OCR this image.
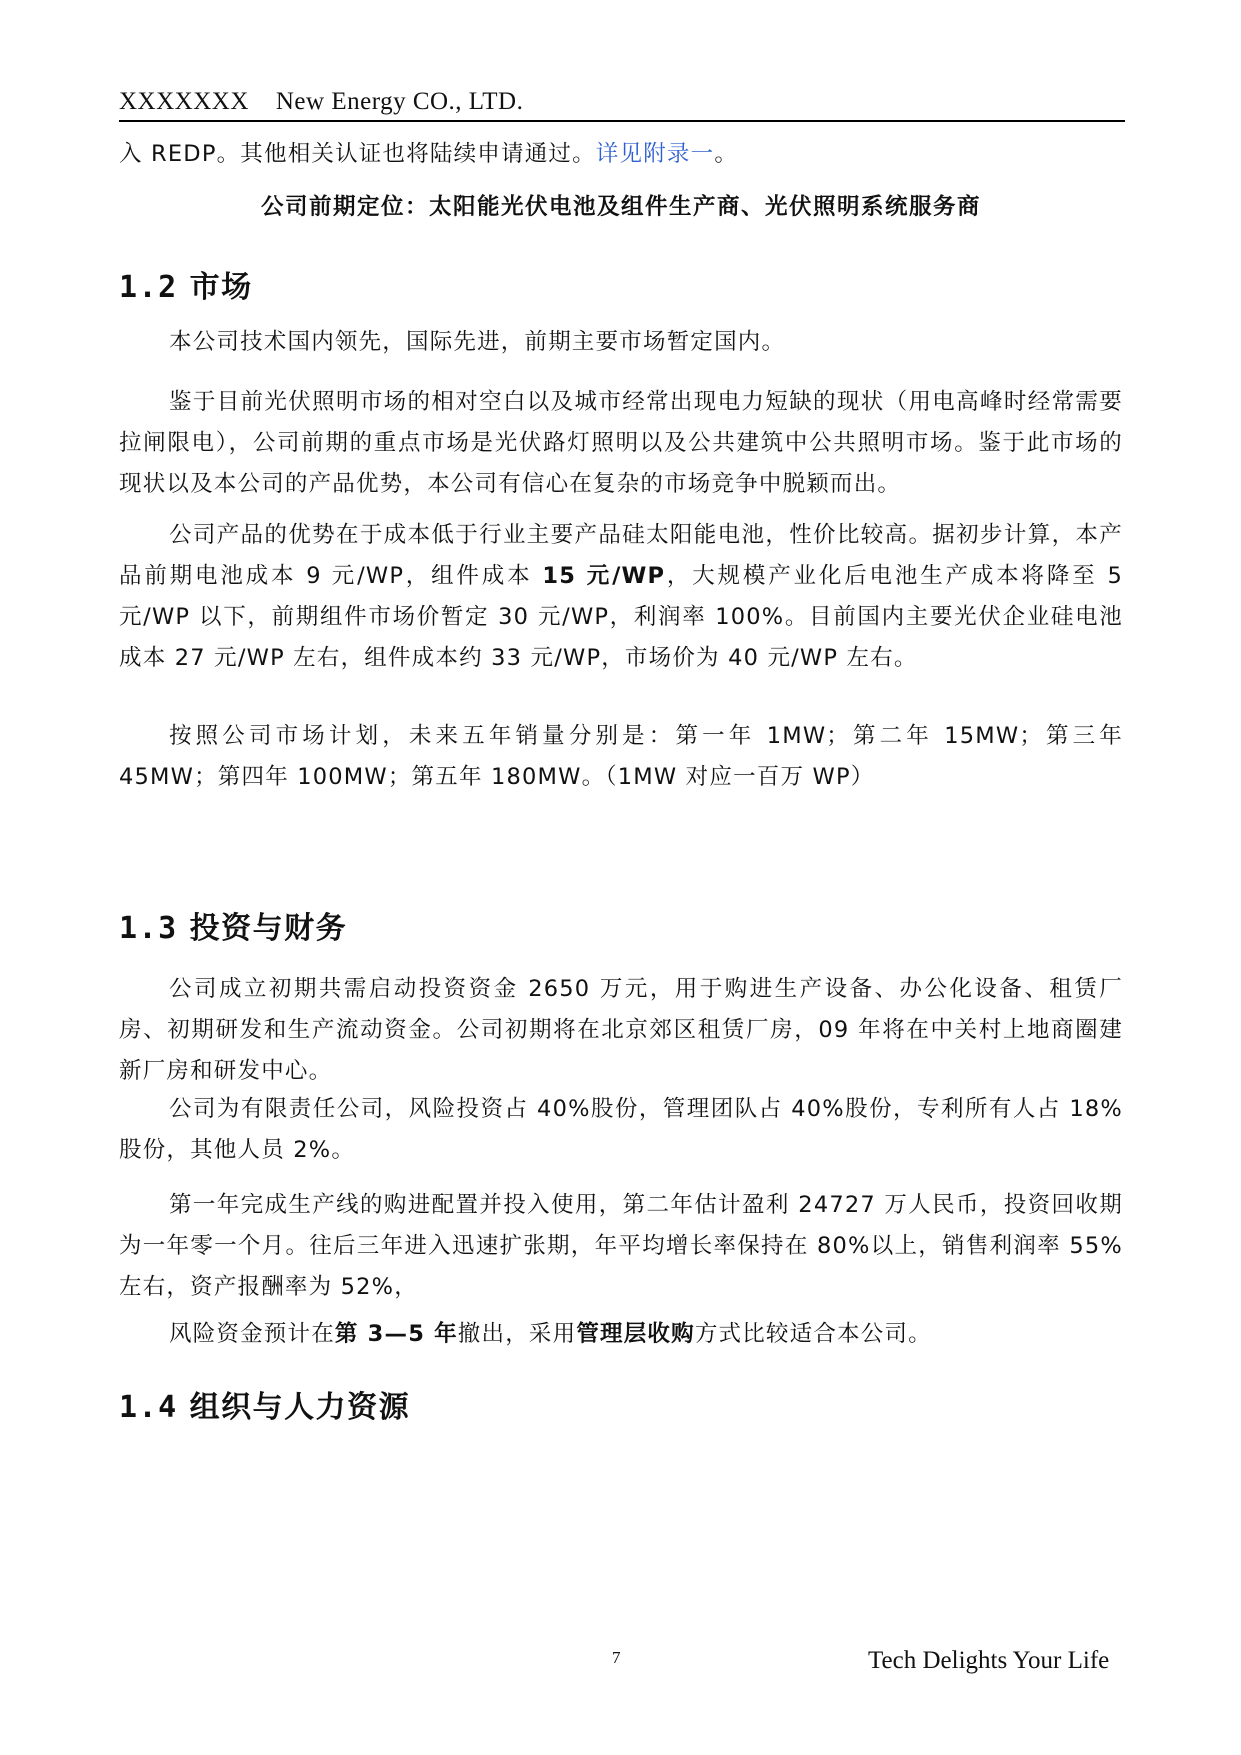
XXXXXXX    New Energy CO., LTD.

入 REDP。其他相关认证也将陆续申请通过。详见附录一。

公司前期定位：太阳能光伏电池及组件生产商、光伏照明系统服务商

1.2 市场

本公司技术国内领先，国际先进，前期主要市场暂定国内。

鉴于目前光伏照明市场的相对空白以及城市经常出现电力短缺的现状（用电高峰时经常需要拉闸限电），公司前期的重点市场是光伏路灯照明以及公共建筑中公共照明市场。鉴于此市场的现状以及本公司的产品优势，本公司有信心在复杂的市场竞争中脱颖而出。

公司产品的优势在于成本低于行业主要产品硅太阳能电池，性价比较高。据初步计算，本产品前期电池成本 9 元/WP，组件成本 15 元/WP，大规模产业化后电池生产成本将降至 5 元/WP 以下，前期组件市场价暂定 30 元/WP，利润率 100%。目前国内主要光伏企业硅电池成本 27 元/WP 左右，组件成本约 33 元/WP，市场价为 40 元/WP 左右。

按照公司市场计划，未来五年销量分别是：第一年 1MW；第二年 15MW；第三年 45MW；第四年 100MW；第五年 180MW。（1MW 对应一百万 WP）

1.3 投资与财务

公司成立初期共需启动投资资金 2650 万元，用于购进生产设备、办公化设备、租赁厂房、初期研发和生产流动资金。公司初期将在北京郊区租赁厂房，09 年将在中关村上地商圈建新厂房和研发中心。

公司为有限责任公司，风险投资占 40%股份，管理团队占 40%股份，专利所有人占 18%股份，其他人员 2%。

第一年完成生产线的购进配置并投入使用，第二年估计盈利 24727 万人民币，投资回收期为一年零一个月。往后三年进入迅速扩张期，年平均增长率保持在 80%以上，销售利润率 55%左右，资产报酬率为 52%，

风险资金预计在第 3—5 年撤出，采用管理层收购方式比较适合本公司。

1.4 组织与人力资源
7	Tech Delights Your Life
